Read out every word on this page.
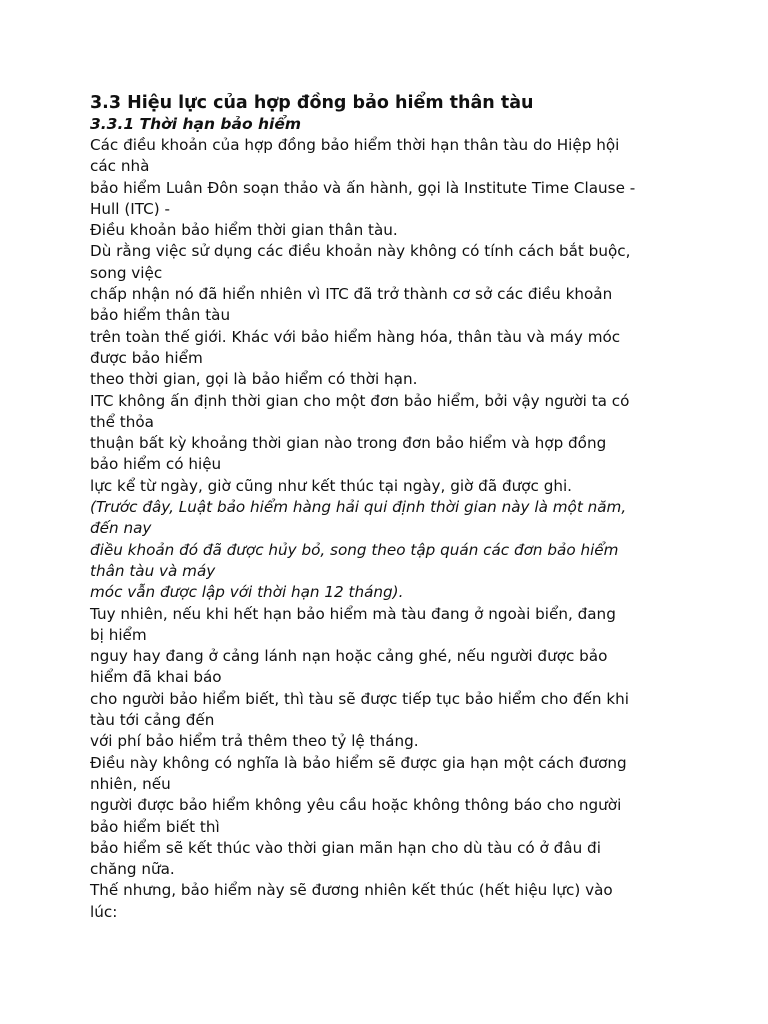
3.3 Hiệu lực của hợp đồng bảo hiểm thân tàu
3.3.1 Thời hạn bảo hiểm
Các điều khoản của hợp đồng bảo hiểm thời hạn thân tàu do Hiệp hội
các nhà
bảo hiểm Luân Đôn soạn thảo và ấn hành, gọi là Institute Time Clause -
Hull (ITC) -
Điều khoản bảo hiểm thời gian thân tàu.
Dù rằng việc sử dụng các điều khoản này không có tính cách bắt buộc,
song việc
chấp nhận nó đã hiển nhiên vì ITC đã trở thành cơ sở các điều khoản
bảo hiểm thân tàu
trên toàn thế giới. Khác với bảo hiểm hàng hóa, thân tàu và máy móc
được bảo hiểm
theo thời gian, gọi là bảo hiểm có thời hạn.
ITC không ấn định thời gian cho một đơn bảo hiểm, bởi vậy người ta có
thể thỏa
thuận bất kỳ khoảng thời gian nào trong đơn bảo hiểm và hợp đồng
bảo hiểm có hiệu
lực kể từ ngày, giờ cũng như kết thúc tại ngày, giờ đã được ghi.
(Trước đây, Luật bảo hiểm hàng hải qui định thời gian này là một năm,
đến nay
điều khoản đó đã được hủy bỏ, song theo tập quán các đơn bảo hiểm
thân tàu và máy
móc vẫn được lập với thời hạn 12 tháng).
Tuy nhiên, nếu khi hết hạn bảo hiểm mà tàu đang ở ngoài biển, đang
bị hiểm
nguy hay đang ở cảng lánh nạn hoặc cảng ghé, nếu người được bảo
hiểm đã khai báo
cho người bảo hiểm biết, thì tàu sẽ được tiếp tục bảo hiểm cho đến khi
tàu tới cảng đến
với phí bảo hiểm trả thêm theo tỷ lệ tháng.
Điều này không có nghĩa là bảo hiểm sẽ được gia hạn một cách đương
nhiên, nếu
người được bảo hiểm không yêu cầu hoặc không thông báo cho người
bảo hiểm biết thì
bảo hiểm sẽ kết thúc vào thời gian mãn hạn cho dù tàu có ở đâu đi
chăng nữa.
Thế nhưng, bảo hiểm này sẽ đương nhiên kết thúc (hết hiệu lực) vào
lúc:
